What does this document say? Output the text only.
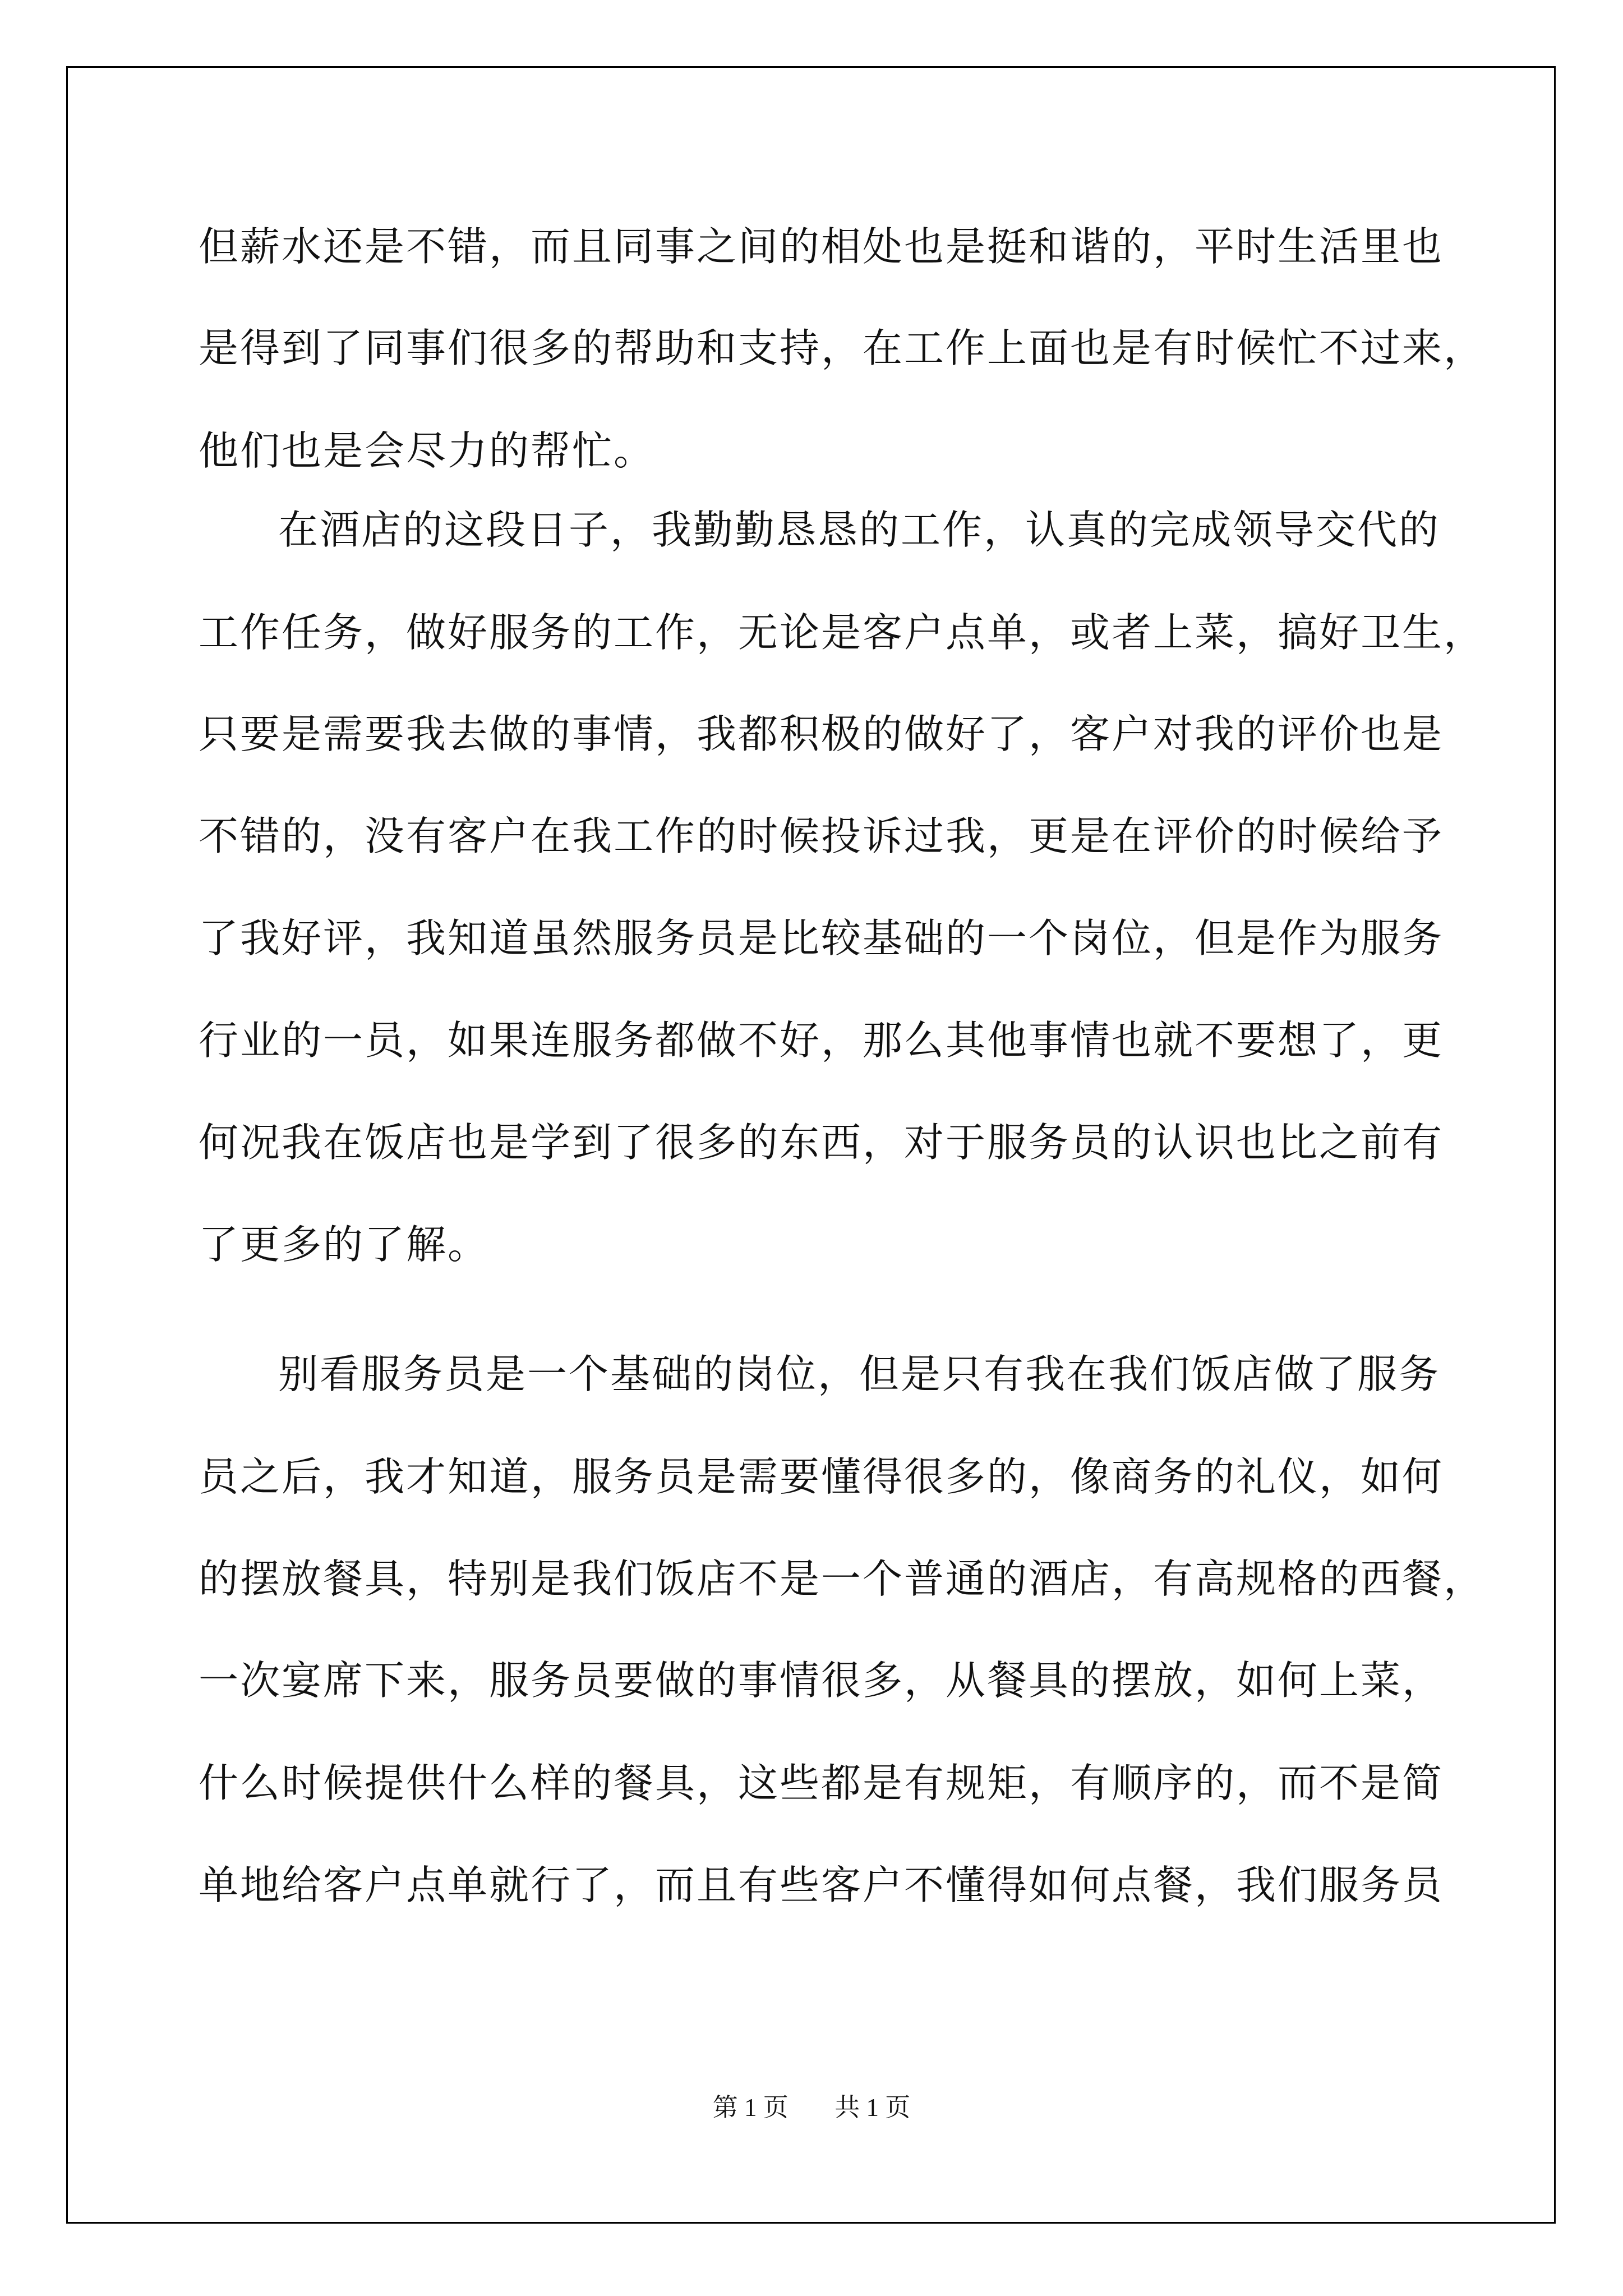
但薪水还是不错，而且同事之间的相处也是挺和谐的，平时生活里也
是得到了同事们很多的帮助和支持，在工作上面也是有时候忙不过来，
他们也是会尽力的帮忙。
在酒店的这段日子，我勤勤恳恳的工作，认真的完成领导交代的
工作任务，做好服务的工作，无论是客户点单，或者上菜，搞好卫生，
只要是需要我去做的事情，我都积极的做好了，客户对我的评价也是
不错的，没有客户在我工作的时候投诉过我，更是在评价的时候给予
了我好评，我知道虽然服务员是比较基础的一个岗位，但是作为服务
行业的一员，如果连服务都做不好，那么其他事情也就不要想了，更
何况我在饭店也是学到了很多的东西，对于服务员的认识也比之前有
了更多的了解。
别看服务员是一个基础的岗位，但是只有我在我们饭店做了服务
员之后，我才知道，服务员是需要懂得很多的，像商务的礼仪，如何
的摆放餐具，特别是我们饭店不是一个普通的酒店，有高规格的西餐，
一次宴席下来，服务员要做的事情很多，从餐具的摆放，如何上菜，
什么时候提供什么样的餐具，这些都是有规矩，有顺序的，而不是简
单地给客户点单就行了，而且有些客户不懂得如何点餐，我们服务员
第 1 页 共 1 页
